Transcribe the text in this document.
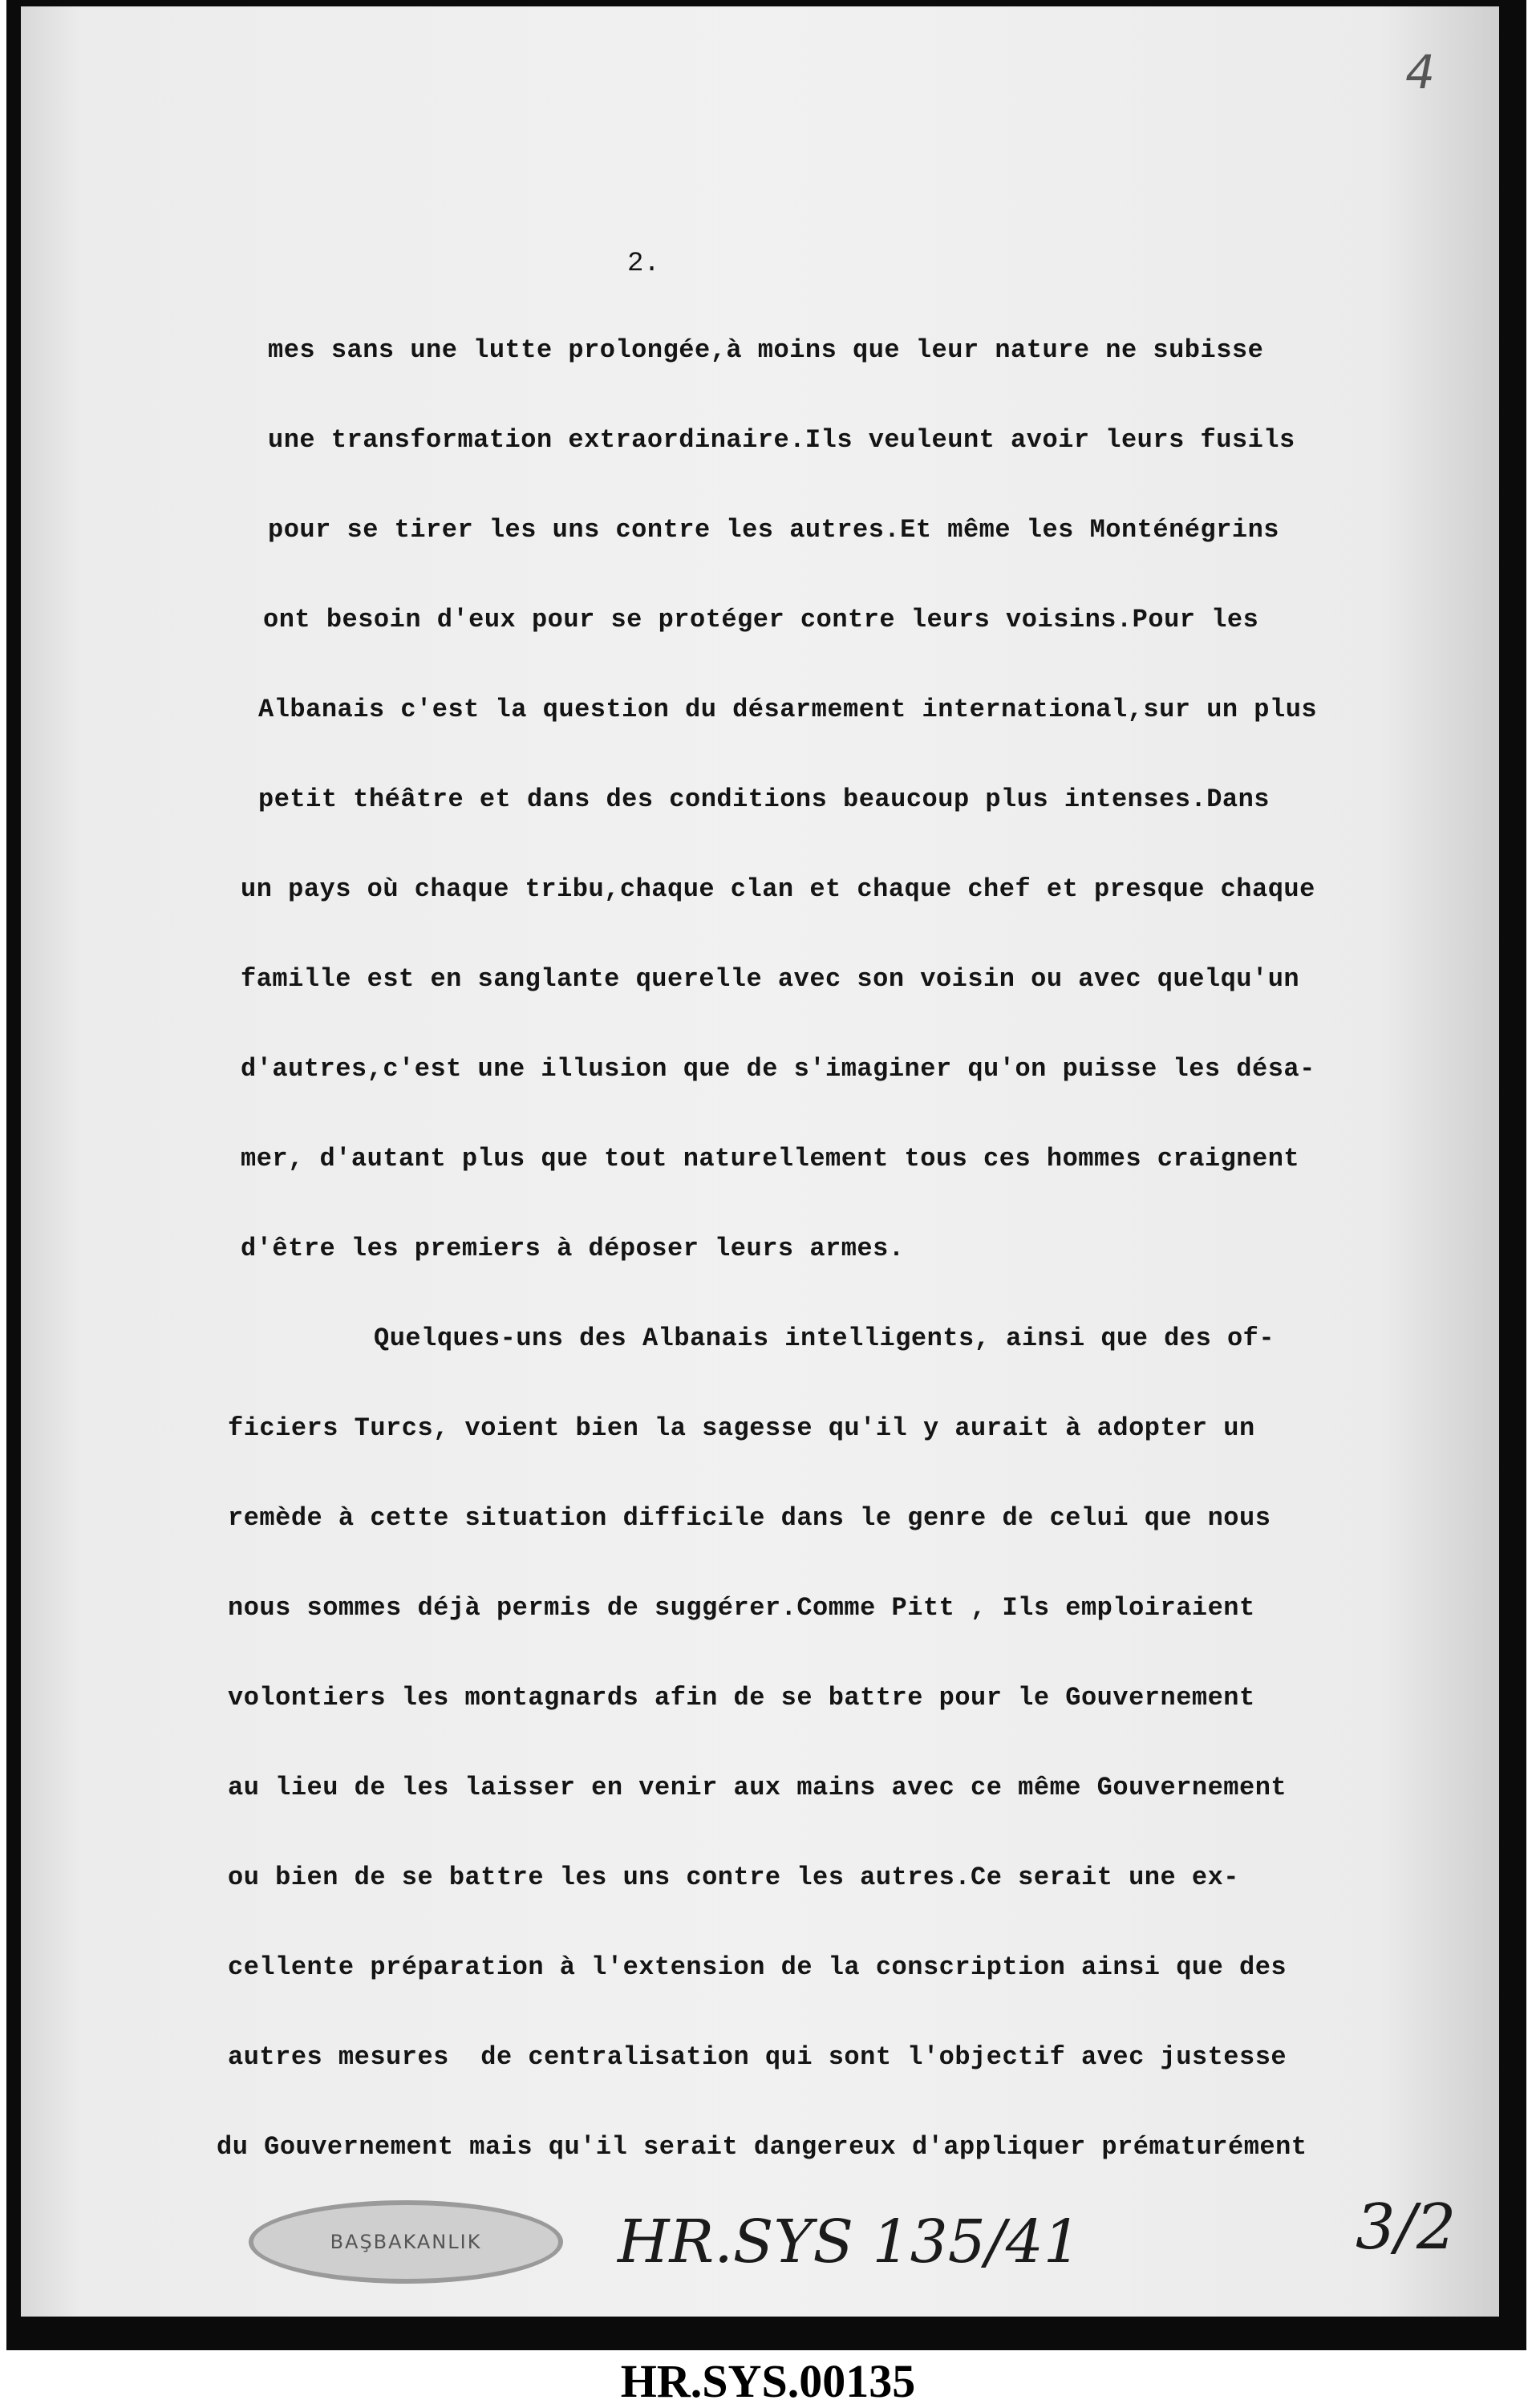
4
2.
mes sans une lutte prolongée,à moins que leur nature ne subisse
une transformation extraordinaire.Ils veuleunt avoir leurs fusils
pour se tirer les uns contre les autres.Et même les Monténégrins
ont besoin d'eux pour se protéger contre leurs voisins.Pour les
Albanais c'est la question du désarmement international,sur un plus
petit théâtre et dans des conditions beaucoup plus intenses.Dans
un pays où chaque tribu,chaque clan et chaque chef et presque chaque
famille est en sanglante querelle avec son voisin ou avec quelqu'un
d'autres,c'est une illusion que de s'imaginer qu'on puisse les désa-
mer, d'autant plus que tout naturellement tous ces hommes craignent
d'être les premiers à déposer leurs armes.
Quelques-uns des Albanais intelligents, ainsi que des of-
ficiers Turcs, voient bien la sagesse qu'il y aurait à adopter un
remède à cette situation difficile dans le genre de celui que nous
nous sommes déjà permis de suggérer.Comme Pitt , Ils emploiraient
volontiers les montagnards afin de se battre pour le Gouvernement
au lieu de les laisser en venir aux mains avec ce même Gouvernement
ou bien de se battre les uns contre les autres.Ce serait une ex-
cellente préparation à l'extension de la conscription ainsi que des
autres mesures  de centralisation qui sont l'objectif avec justesse
du Gouvernement mais qu'il serait dangereux d'appliquer prématurément
BAŞBAKANLIK HR.SYS 135/41	3/2
HR.SYS.00135
